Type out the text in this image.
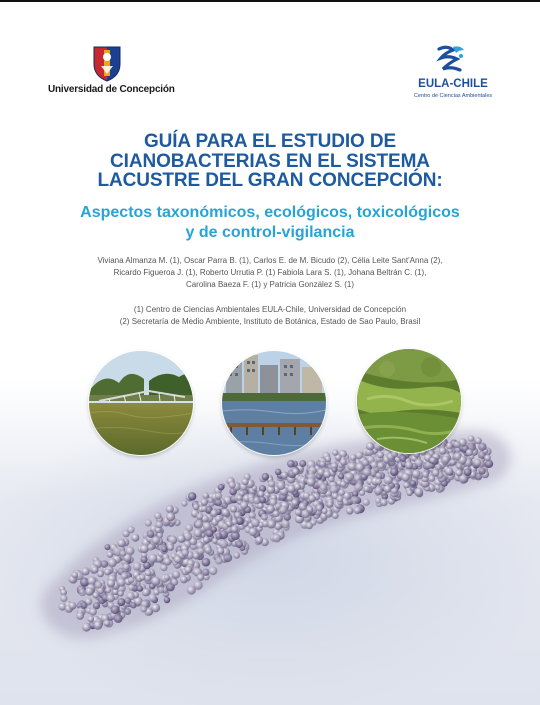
Universidad de Concepción	EULA-CHILE
Centro de Ciencias Ambientales
GUÍA PARA EL ESTUDIO DE
CIANOBACTERIAS EN EL SISTEMA
LACUSTRE DEL GRAN CONCEPCIÓN:
Aspectos taxonómicos, ecológicos, toxicológicos
y de control-vigilancia
Viviana Almanza M. (1), Oscar Parra B. (1), Carlos E. de M. Bicudo (2), Célia Leite Sant'Anna (2),
Ricardo Figueroa J. (1), Roberto Urrutia P. (1) Fabiola Lara S. (1), Johana Beltrán C. (1),
Carolina Baeza F. (1) y Patricia González S. (1)
(1) Centro de Ciencias Ambientales EULA-Chile, Universidad de Concepción
(2) Secretaría de Medio Ambiente, Instituto de Botánica, Estado de Sao Paulo, Brasil
